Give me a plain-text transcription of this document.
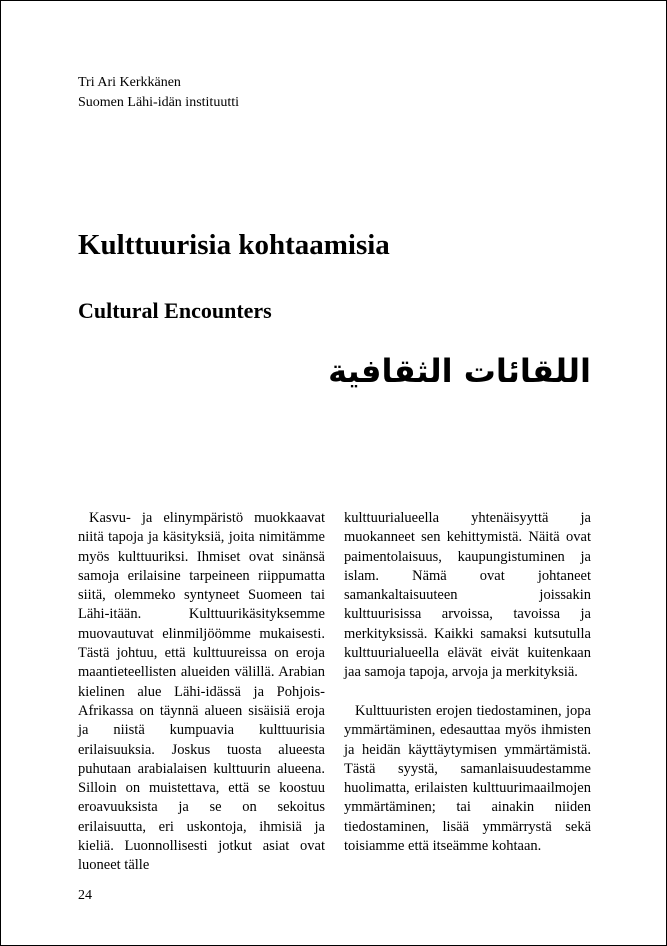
Tri Ari Kerkkänen
Suomen Lähi-idän instituutti
Kulttuurisia kohtaamisia
Cultural Encounters
اللقائات الثقافية

Kasvu- ja elinympäristö muokkaavat niitä tapoja ja käsityksiä, joita nimitämme myös kulttuuriksi. Ihmiset ovat sinänsä samoja erilaisine tarpeineen riippumatta siitä, olemmeko syntyneet Suomeen tai Lähi-itään. Kulttuurikäsityksemme muovautuvat elinmiljöömme mukaisesti. Tästä johtuu, että kulttuureissa on eroja maantieteellisten alueiden välillä. Arabian kielinen alue Lähi-idässä ja Pohjois-Afrikassa on täynnä alueen sisäisiä eroja ja niistä kumpuavia kulttuurisia erilaisuuksia. Joskus tuosta alueesta puhutaan arabialaisen kulttuurin alueena. Silloin on muistettava, että se koostuu eroavuuksista ja se on sekoitus erilaisuutta, eri uskontoja, ihmisiä ja kieliä. Luonnollisesti jotkut asiat ovat luoneet tälle

kulttuurialueella yhtenäisyyttä ja muokanneet sen kehittymistä. Näitä ovat paimentolaisuus, kaupungistuminen ja islam. Nämä ovat johtaneet samankaltaisuuteen joissakin kulttuurisissa arvoissa, tavoissa ja merkityksissä. Kaikki samaksi kutsutulla kulttuurialueella elävät eivät kuitenkaan jaa samoja tapoja, arvoja ja merkityksiä.

Kulttuuristen erojen tiedostaminen, jopa ymmärtäminen, edesauttaa myös ihmisten ja heidän käyttäytymisen ymmärtämistä. Tästä syystä, samanlaisuudestamme huolimatta, erilaisten kulttuurimaailmojen ymmärtäminen; tai ainakin niiden tiedostaminen, lisää ymmärrystä sekä toisiamme että itseämme kohtaan.

24
